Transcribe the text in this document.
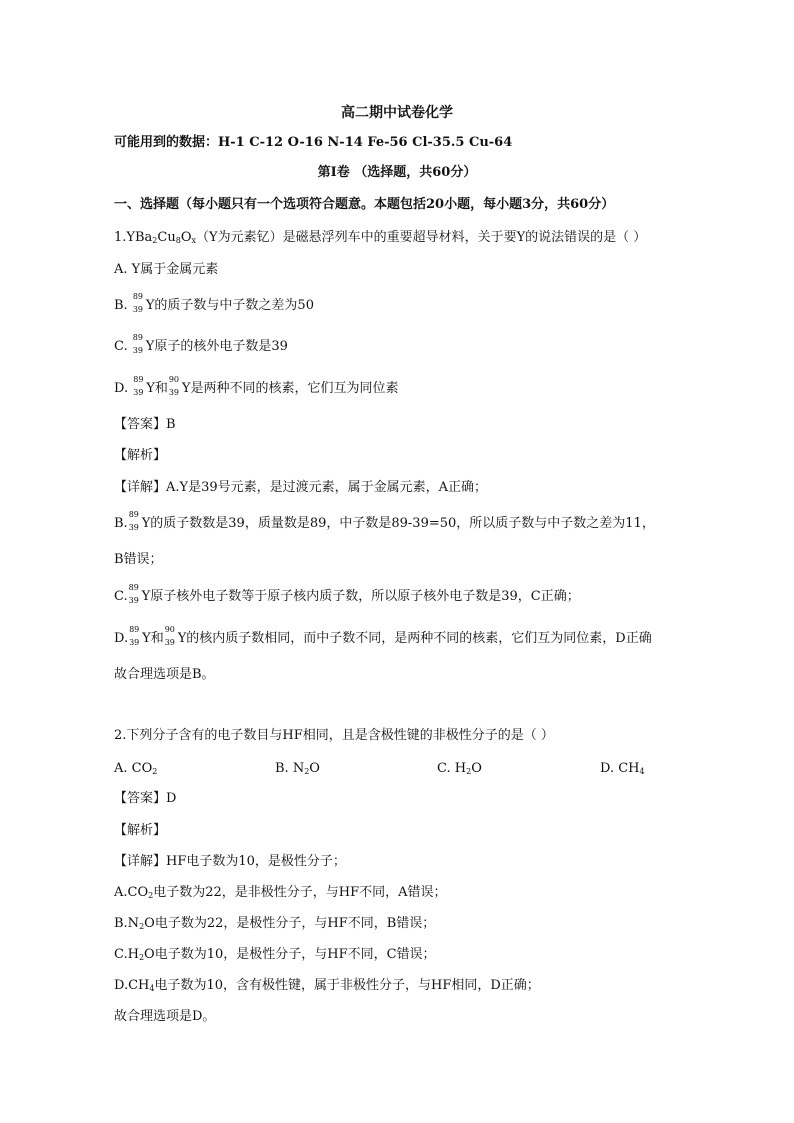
高二期中试卷化学
可能用到的数据：H-1 C-12 O-16 N-14 Fe-56 Cl-35.5 Cu-64
第Ⅰ卷 （选择题，共60分）
一、选择题（每小题只有一个选项符合题意。本题包括20小题，每小题3分，共60分）
$1.YBa_2Cu_8O_x(Y$为元素钇）是磁悬浮列车中的重要超导材料，关于要Y的说法错误的是（ ）
A. Y属于金属元素
B.
89
39 Y的质子数与中子数之差为50
C.
89
39 Y原子的核外电子数是39
D.
89
39 Y和
90
39 Y是两种不同的核素，它们互为同位素
【答案】B
【解析】
【详解】A.Y是39号元素，是过渡元素，属于金属元素，A正确；
B.
89
39 Y的质子数数是39，质量数是89，中子数是89-39=50，所以质子数与中子数之差为11，
B错误；
C.
89
39 Y原子核外电子数等于原子核内质子数，所以原子核外电子数是39，C正确；
D.
89
39 Y和
90
39 Y的核内质子数相同，而中子数不同，是两种不同的核素，它们互为同位素，D正确
故合理选项是B。
2.下列分子含有的电子数目与HF相同，且是含极性键的非极性分子的是（ ）
A. $CO_2$	B. $N_2O$	C. $H_2O$	D. $CH_4$
【答案】D
【解析】
【详解】HF电子数为10，是极性分子；
$A.CO_2$电子数为22，是非极性分子，与HF不同，A错误；
$B.N_2O$电子数为22，是极性分子，与HF不同，B错误；
$C.H_2O$电子数为10，是极性分子，与HF不同，C错误；
$D.CH_4$电子数为10，含有极性键，属于非极性分子，与HF相同，D正确；
故合理选项是D。
